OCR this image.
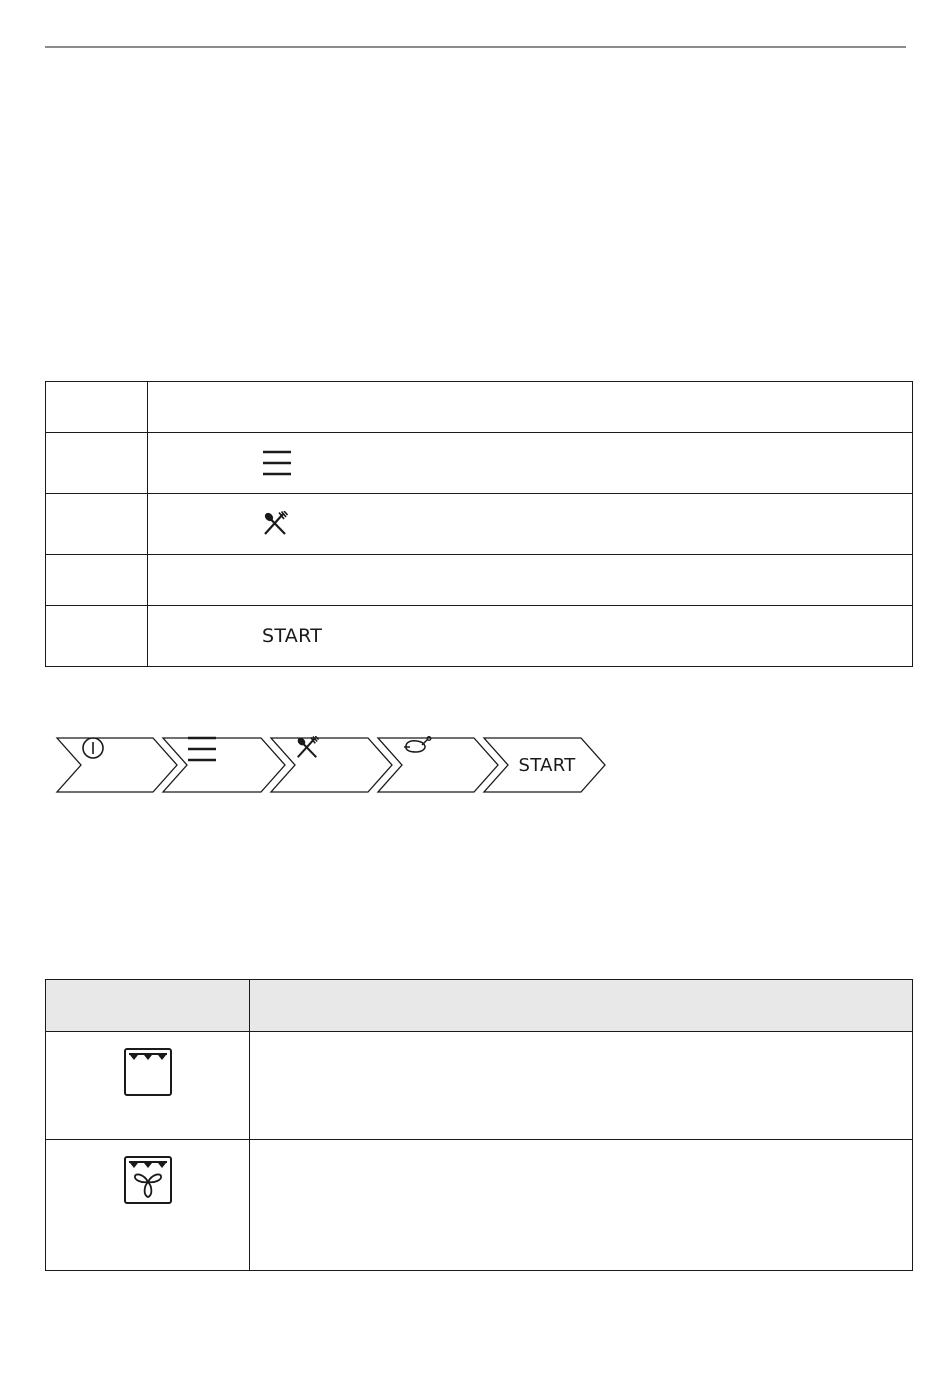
	START
START
